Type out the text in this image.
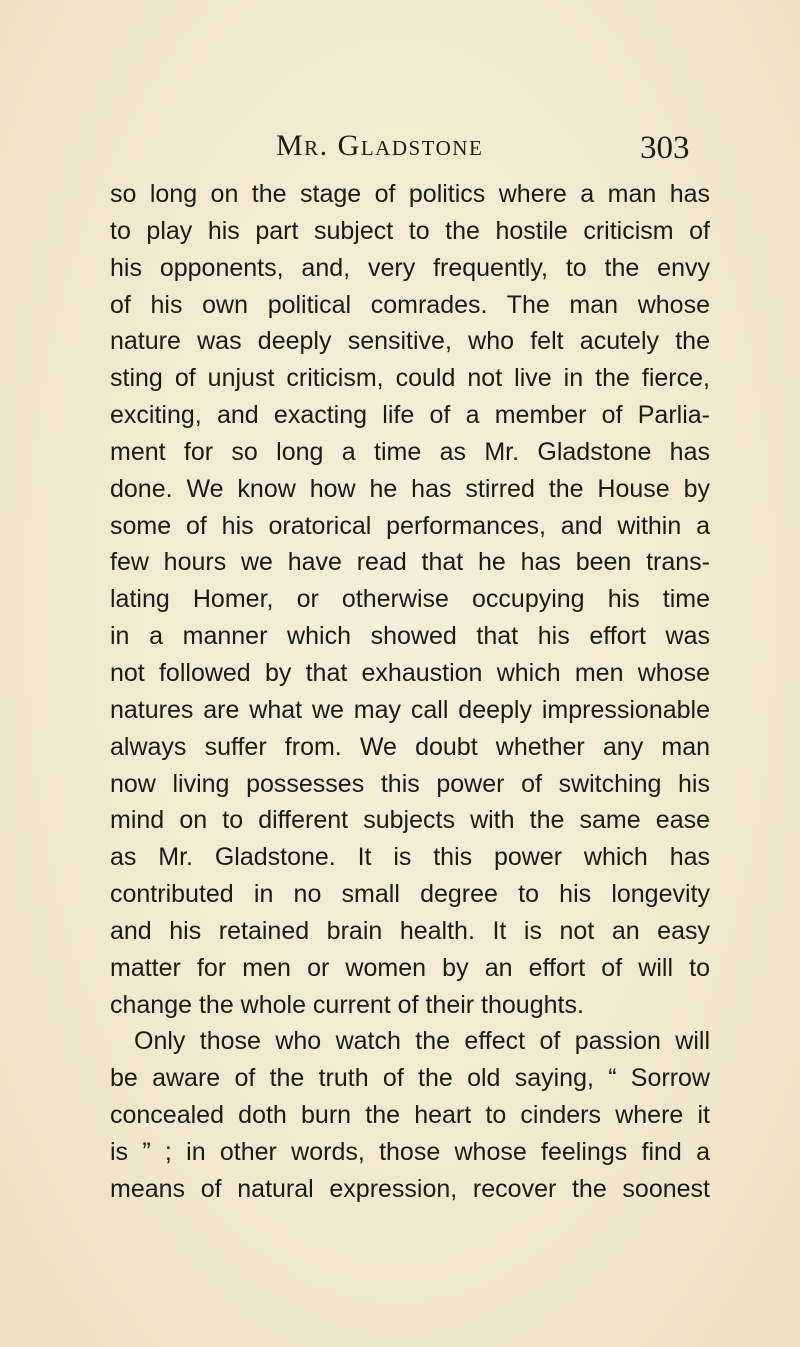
Mr. Gladstone	303
so long on the stage of politics where a man has
to play his part subject to the hostile criticism of
his opponents, and, very frequently, to the envy
of his own political comrades. The man whose
nature was deeply sensitive, who felt acutely the
sting of unjust criticism, could not live in the fierce,
exciting, and exacting life of a member of Parlia-
ment for so long a time as Mr. Gladstone has
done. We know how he has stirred the House by
some of his oratorical performances, and within a
few hours we have read that he has been trans-
lating Homer, or otherwise occupying his time
in a manner which showed that his effort was
not followed by that exhaustion which men whose
natures are what we may call deeply impressionable
always suffer from. We doubt whether any man
now living possesses this power of switching his
mind on to different subjects with the same ease
as Mr. Gladstone. It is this power which has
contributed in no small degree to his longevity
and his retained brain health. It is not an easy
matter for men or women by an effort of will to
change the whole current of their thoughts.
Only those who watch the effect of passion will
be aware of the truth of the old saying, “ Sorrow
concealed doth burn the heart to cinders where it
is ” ; in other words, those whose feelings find a
means of natural expression, recover the soonest
